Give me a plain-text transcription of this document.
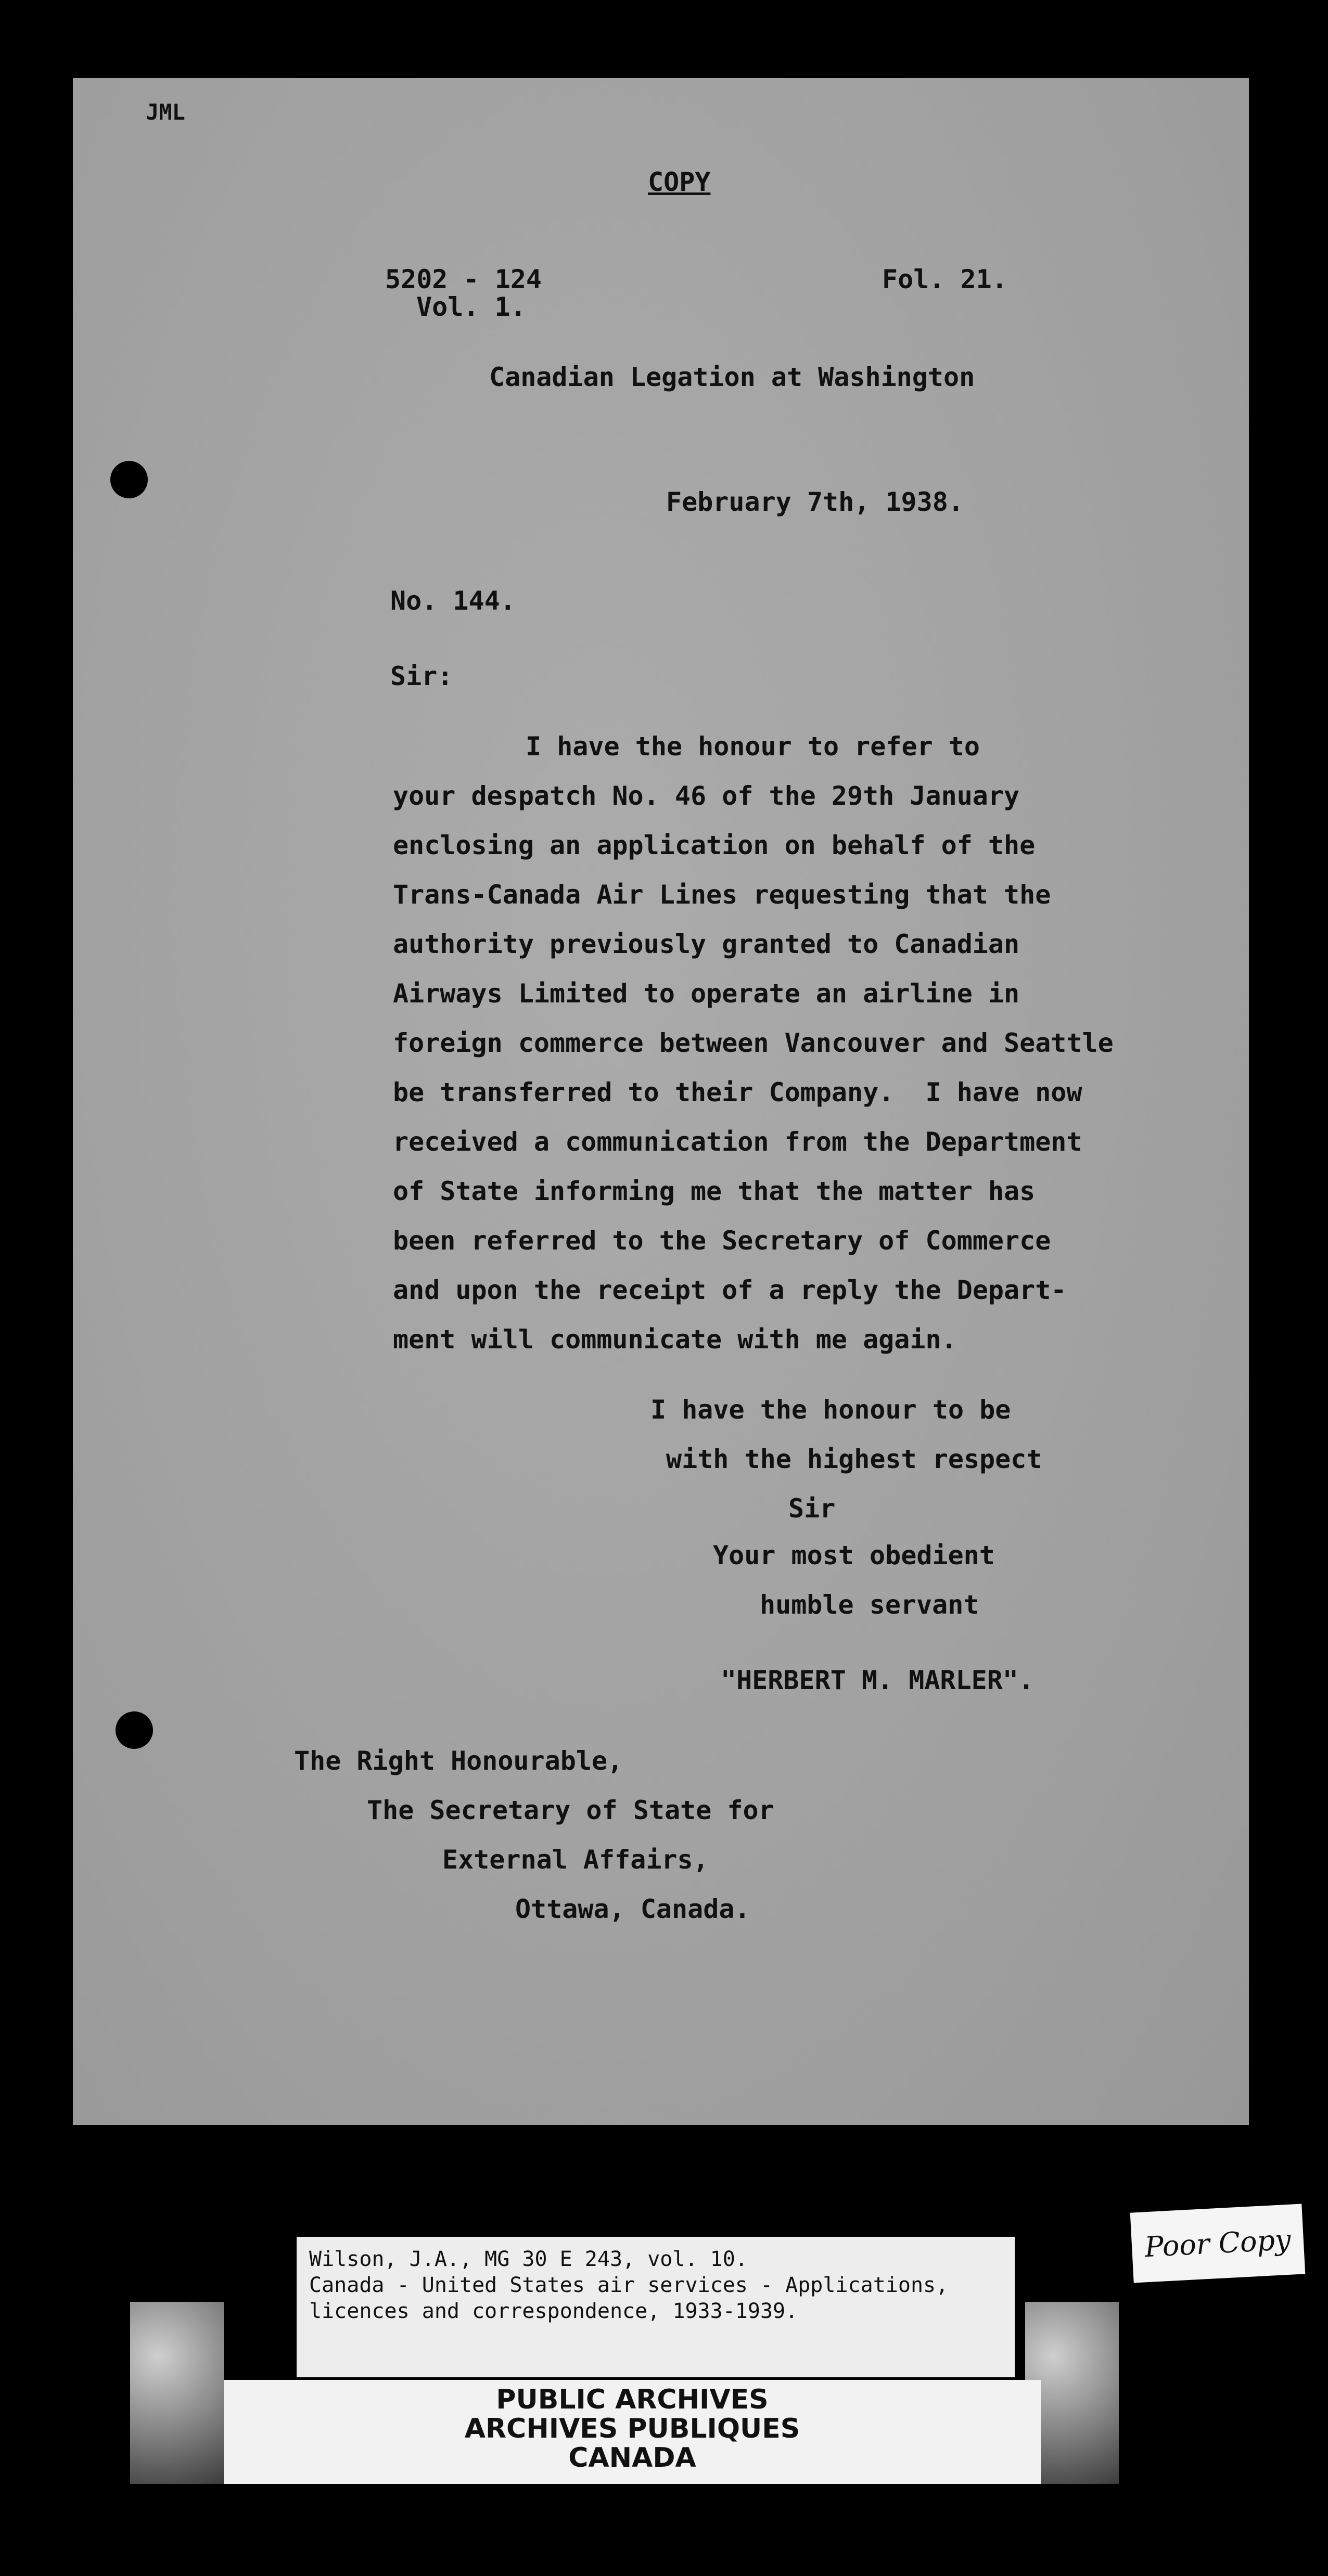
JML
COPY
5202 - 124
Vol. 1.
Fol. 21.
Canadian Legation at Washington
February 7th, 1938.
No. 144.
Sir:
I have the honour to refer to
your despatch No. 46 of the 29th January
enclosing an application on behalf of the
Trans-Canada Air Lines requesting that the
authority previously granted to Canadian
Airways Limited to operate an airline in
foreign commerce between Vancouver and Seattle
be transferred to their Company.  I have now
received a communication from the Department
of State informing me that the matter has
been referred to the Secretary of Commerce
and upon the receipt of a reply the Depart-
ment will communicate with me again.
I have the honour to be
with the highest respect
Sir
Your most obedient
humble servant
"HERBERT M. MARLER".
The Right Honourable,
The Secretary of State for
External Affairs,
Ottawa, Canada.
Wilson, J.A., MG 30 E 243, vol. 10.
Canada - United States air services - Applications,
licences and correspondence, 1933-1939.
Poor Copy
PUBLIC ARCHIVES
ARCHIVES PUBLIQUES
CANADA
